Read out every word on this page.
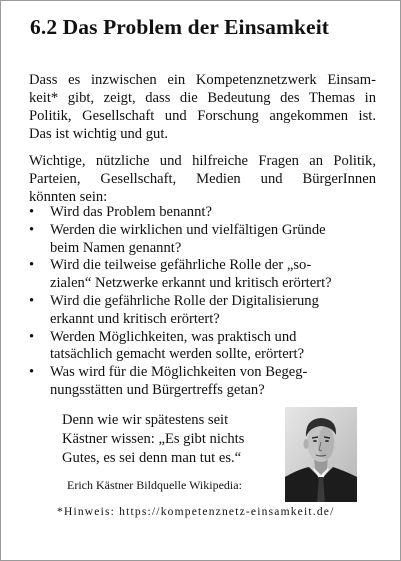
6.2 Das Problem der Einsamkeit
Dass es inzwischen ein Kompetenznetzwerk Einsam-
keit* gibt, zeigt, dass die Bedeutung des Themas in
Politik, Gesellschaft und Forschung angekommen ist.
Das ist wichtig und gut.
Wichtige, nützliche und hilfreiche Fragen an Politik,
Parteien, Gesellschaft, Medien und BürgerInnen
könnten sein:
• Wird das Problem benannt?
• Werden die wirklichen und vielfältigen Gründe
beim Namen genannt?
• Wird die teilweise gefährliche Rolle der „so-
zialen“ Netzwerke erkannt und kritisch erörtert?
• Wird die gefährliche Rolle der Digitalisierung
erkannt und kritisch erörtert?
• Werden Möglichkeiten, was praktisch und
tatsächlich gemacht werden sollte, erörtert?
• Was wird für die Möglichkeiten von Begeg-
nungsstätten und Bürgertreffs getan?
Denn wie wir spätestens seit
Kästner wissen: „Es gibt nichts
Gutes, es sei denn man tut es.“
Erich Kästner Bildquelle Wikipedia:
*Hinweis: https://kompetenznetz-einsamkeit.de/
